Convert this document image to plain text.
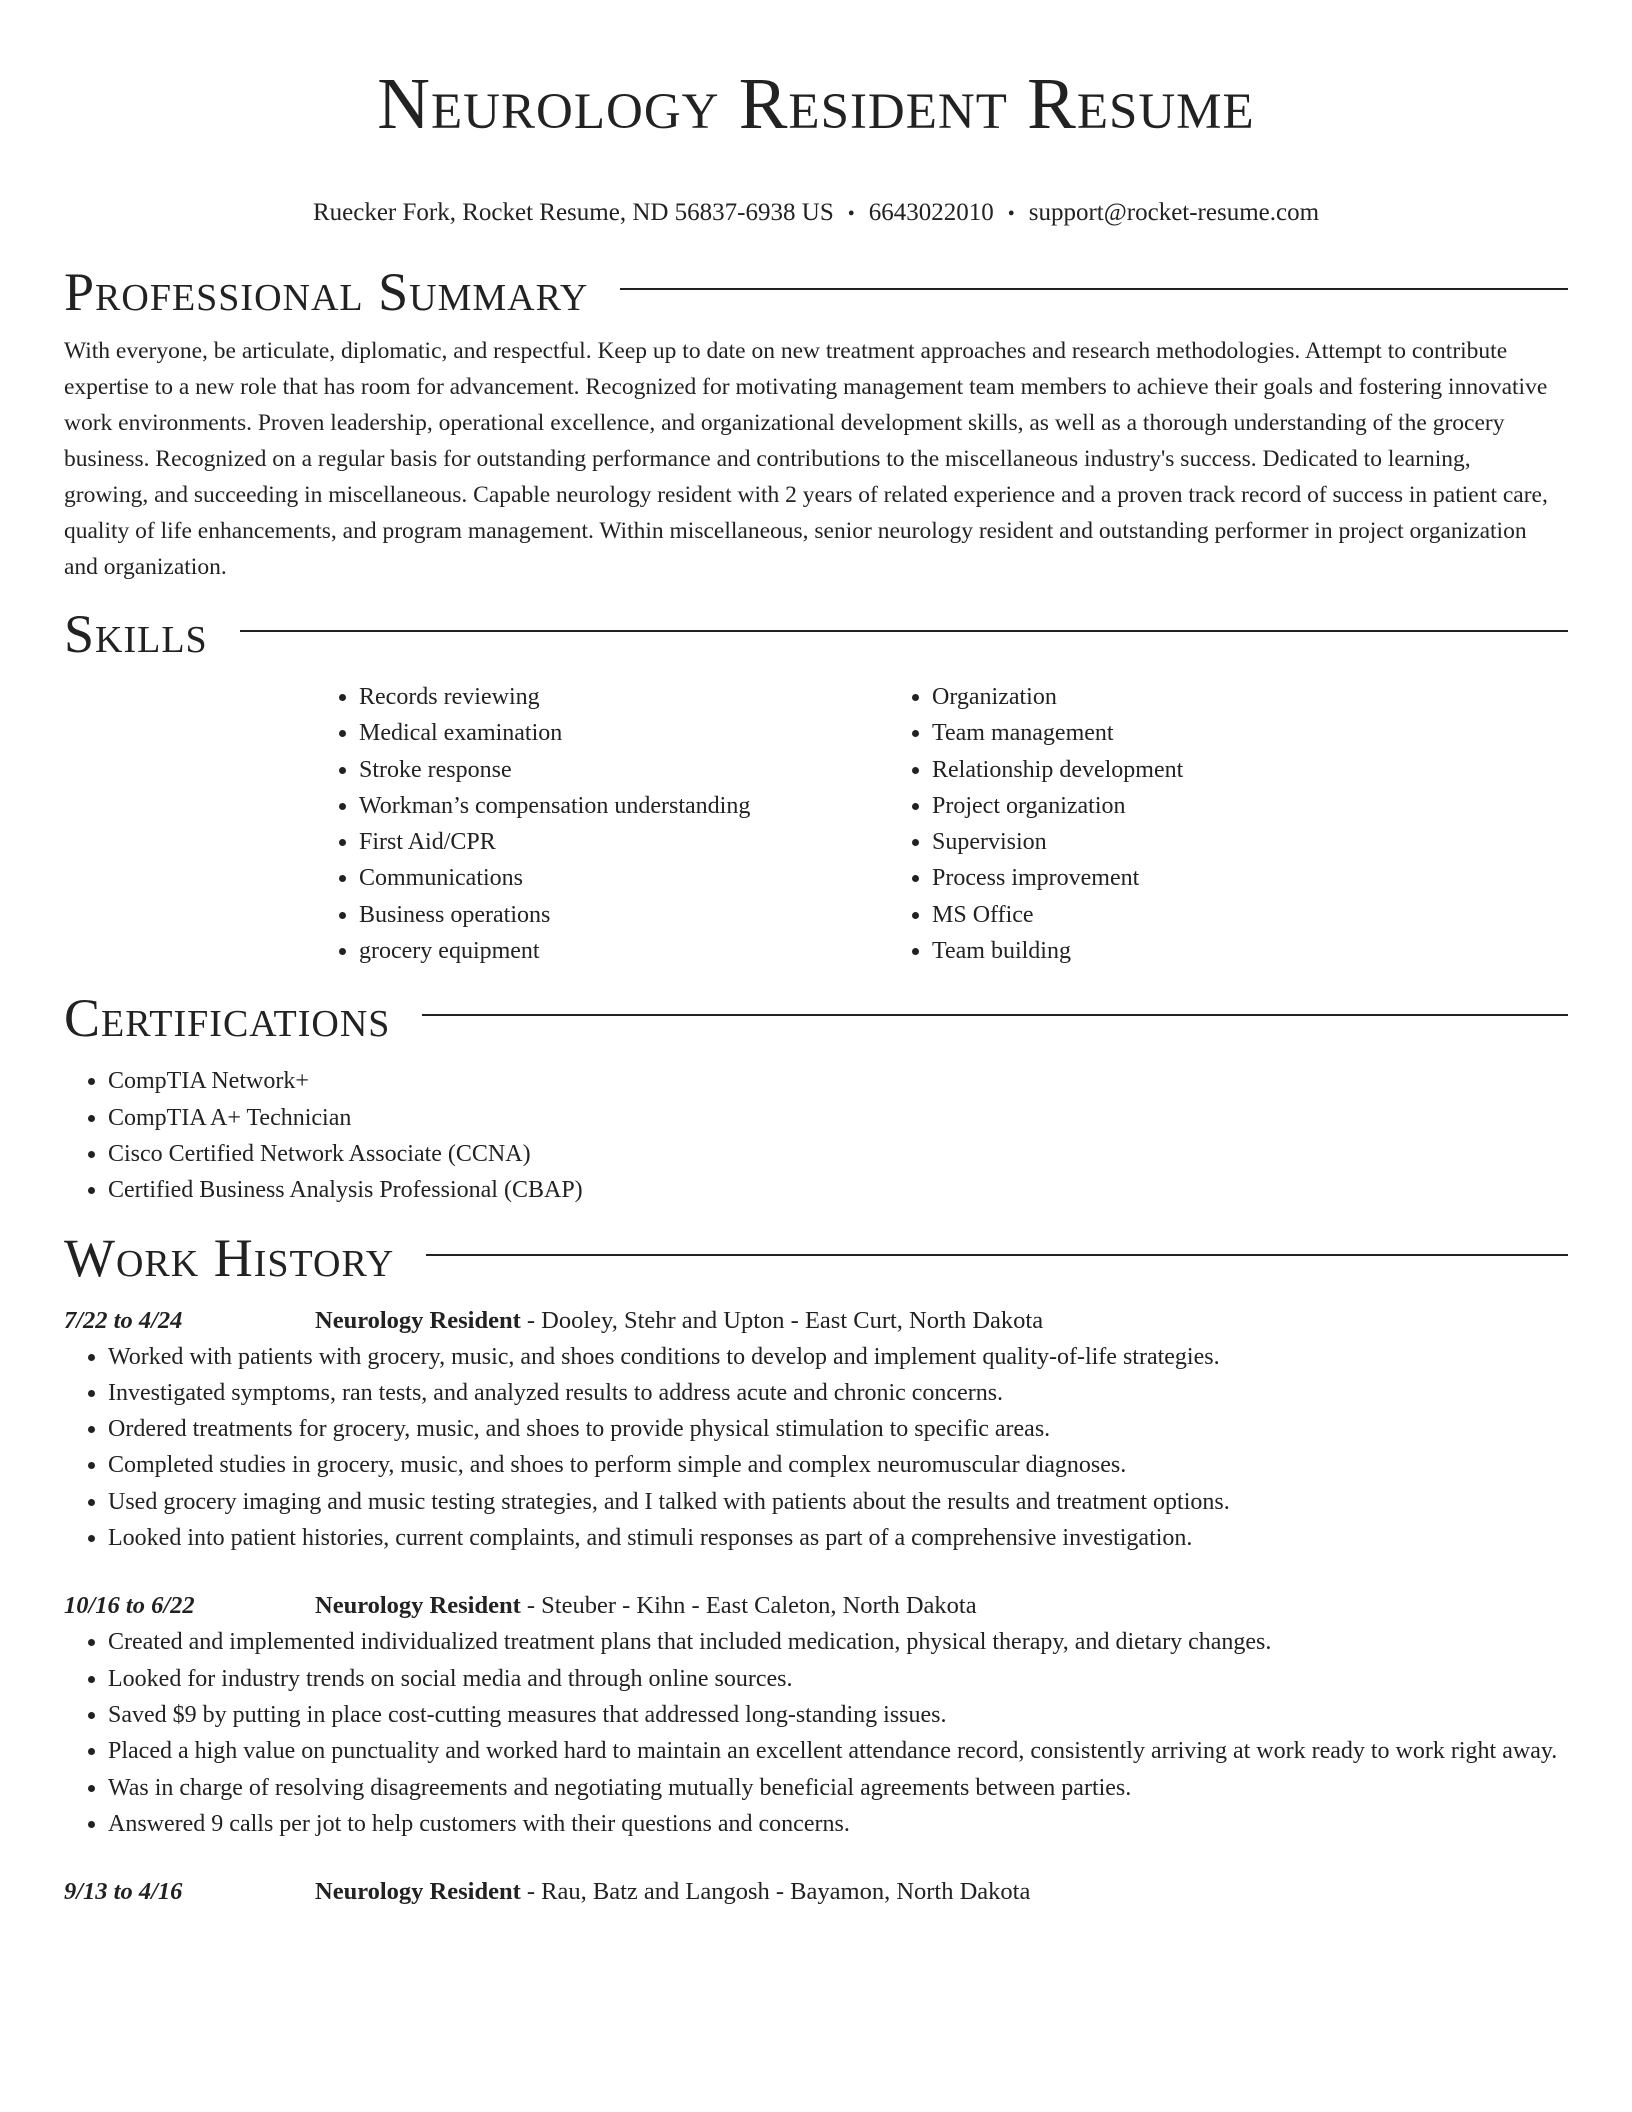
Neurology Resident Resume
Ruecker Fork, Rocket Resume, ND 56837-6938 US • 6643022010 • support@rocket-resume.com
Professional Summary

With everyone, be articulate, diplomatic, and respectful. Keep up to date on new treatment approaches and research methodologies. Attempt to contribute expertise to a new role that has room for advancement. Recognized for motivating management team members to achieve their goals and fostering innovative work environments. Proven leadership, operational excellence, and organizational development skills, as well as a thorough understanding of the grocery business. Recognized on a regular basis for outstanding performance and contributions to the miscellaneous industry's success. Dedicated to learning, growing, and succeeding in miscellaneous. Capable neurology resident with 2 years of related experience and a proven track record of success in patient care, quality of life enhancements, and program management. Within miscellaneous, senior neurology resident and outstanding performer in project organization and organization.

Skills
• Records reviewing
• Medical examination
• Stroke response
• Workman’s compensation understanding
• First Aid/CPR
• Communications
• Business operations
• grocery equipment
• Organization
• Team management
• Relationship development
• Project organization
• Supervision
• Process improvement
• MS Office
• Team building
Certifications
• CompTIA Network+
• CompTIA A+ Technician
• Cisco Certified Network Associate (CCNA)
• Certified Business Analysis Professional (CBAP)
Work History
7/22 to 4/24	Neurology Resident - Dooley, Stehr and Upton - East Curt, North Dakota
• Worked with patients with grocery, music, and shoes conditions to develop and implement quality-of-life strategies.
• Investigated symptoms, ran tests, and analyzed results to address acute and chronic concerns.
• Ordered treatments for grocery, music, and shoes to provide physical stimulation to specific areas.
• Completed studies in grocery, music, and shoes to perform simple and complex neuromuscular diagnoses.
• Used grocery imaging and music testing strategies, and I talked with patients about the results and treatment options.
• Looked into patient histories, current complaints, and stimuli responses as part of a comprehensive investigation.
10/16 to 6/22	Neurology Resident - Steuber - Kihn - East Caleton, North Dakota
• Created and implemented individualized treatment plans that included medication, physical therapy, and dietary changes.
• Looked for industry trends on social media and through online sources.
• Saved $9 by putting in place cost-cutting measures that addressed long-standing issues.
• Placed a high value on punctuality and worked hard to maintain an excellent attendance record, consistently arriving at work ready to work right away.
• Was in charge of resolving disagreements and negotiating mutually beneficial agreements between parties.
• Answered 9 calls per jot to help customers with their questions and concerns.
9/13 to 4/16	Neurology Resident - Rau, Batz and Langosh - Bayamon, North Dakota
